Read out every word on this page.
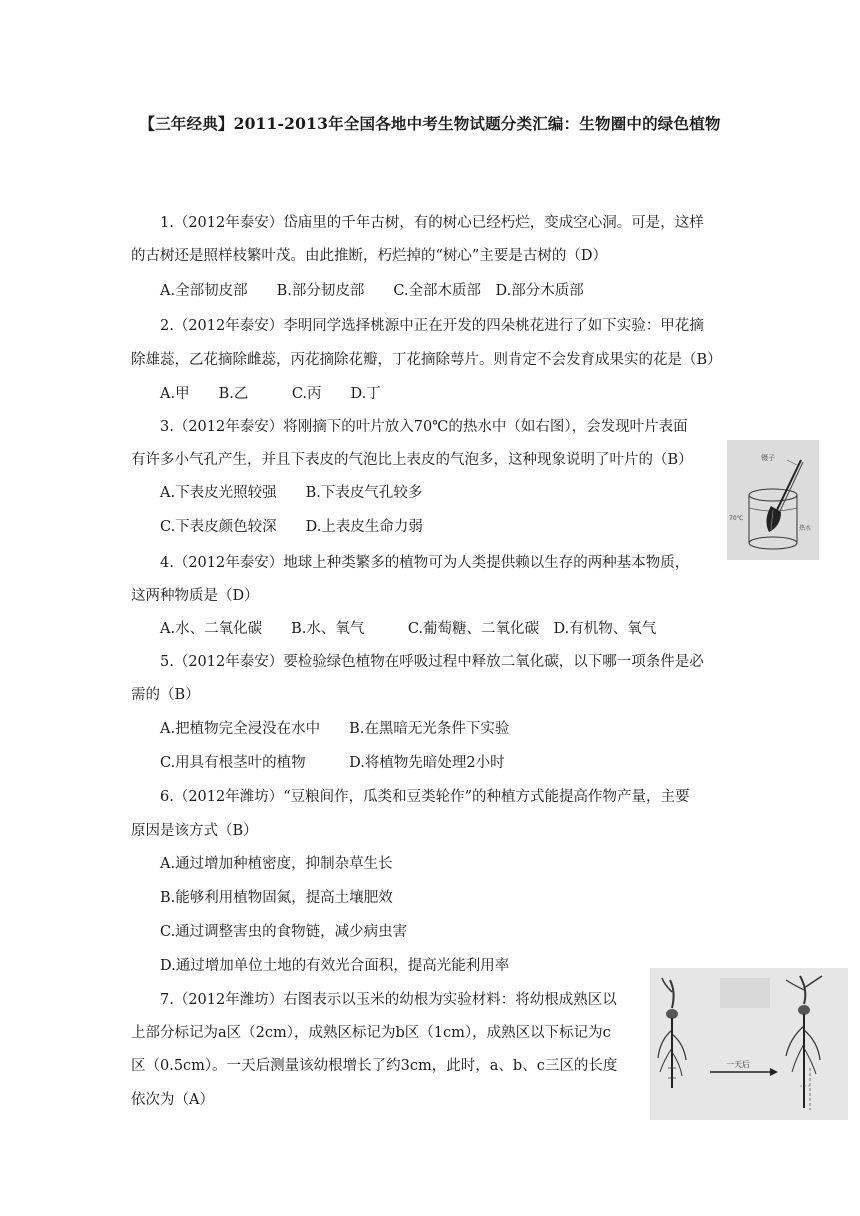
【三年经典】2011-2013年全国各地中考生物试题分类汇编：生物圈中的绿色植物
1.（2012年泰安）岱庙里的千年古树，有的树心已经朽烂，变成空心洞。可是，这样
的古树还是照样枝繁叶茂。由此推断，朽烂掉的“树心”主要是古树的（D）
A.全部韧皮部　　B.部分韧皮部　　C.全部木质部　D.部分木质部
2.（2012年泰安）李明同学选择桃源中正在开发的四朵桃花进行了如下实验：甲花摘
除雄蕊，乙花摘除雌蕊，丙花摘除花瓣，丁花摘除萼片。则肯定不会发育成果实的花是（B）
A.甲　　B.乙　　　C.丙　　D.丁
3.（2012年泰安）将刚摘下的叶片放入70℃的热水中（如右图），会发现叶片表面
有许多小气孔产生，并且下表皮的气泡比上表皮的气泡多，这种现象说明了叶片的（B）
A.下表皮光照较强　　B.下表皮气孔较多
C.下表皮颜色较深　　D.上表皮生命力弱
4.（2012年泰安）地球上种类繁多的植物可为人类提供赖以生存的两种基本物质，
这两种物质是（D）
A.水、二氧化碳　　B.水、氧气　　　C.葡萄糖、二氧化碳　D.有机物、氧气
5.（2012年泰安）要检验绿色植物在呼吸过程中释放二氧化碳，以下哪一项条件是必
需的（B）
A.把植物完全浸没在水中　　B.在黑暗无光条件下实验
C.用具有根茎叶的植物　　　D.将植物先暗处理2小时
6.（2012年潍坊）“豆粮间作，瓜类和豆类轮作”的种植方式能提高作物产量，主要
原因是该方式（B）
A.通过增加种植密度，抑制杂草生长
B.能够利用植物固氮，提高土壤肥效
C.通过调整害虫的食物链，减少病虫害
D.通过增加单位土地的有效光合面积，提高光能利用率
7.（2012年潍坊）右图表示以玉米的幼根为实验材料：将幼根成熟区以
上部分标记为a区（2cm），成熟区标记为b区（1cm），成熟区以下标记为c
区（0.5cm）。一天后测量该幼根增长了约3cm，此时，a、b、c三区的长度
依次为（A）
镊子
70℃
热水
一天后
